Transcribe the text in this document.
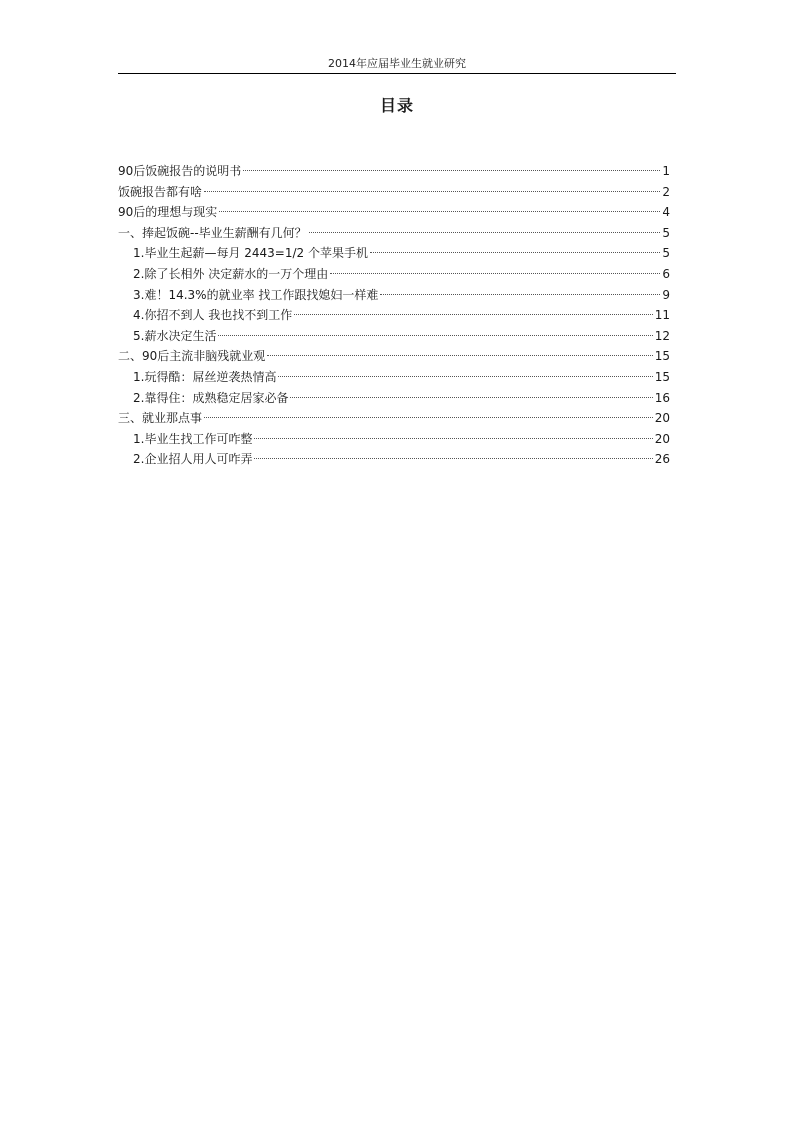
2014年应届毕业生就业研究
目录
90后饭碗报告的说明书	1
饭碗报告都有啥	2
90后的理想与现实	4
一、捧起饭碗--毕业生薪酬有几何？	5
1.毕业生起薪—每月 2443=1/2 个苹果手机	5
2.除了长相外 决定薪水的一万个理由	6
3.难！14.3%的就业率 找工作跟找媳妇一样难	9
4.你招不到人 我也找不到工作	11
5.薪水决定生活	12
二、90后主流非脑残就业观	15
1.玩得酷：屌丝逆袭热情高	15
2.靠得住：成熟稳定居家必备	16
三、就业那点事	20
1.毕业生找工作可咋整	20
2.企业招人用人可咋弄	26
